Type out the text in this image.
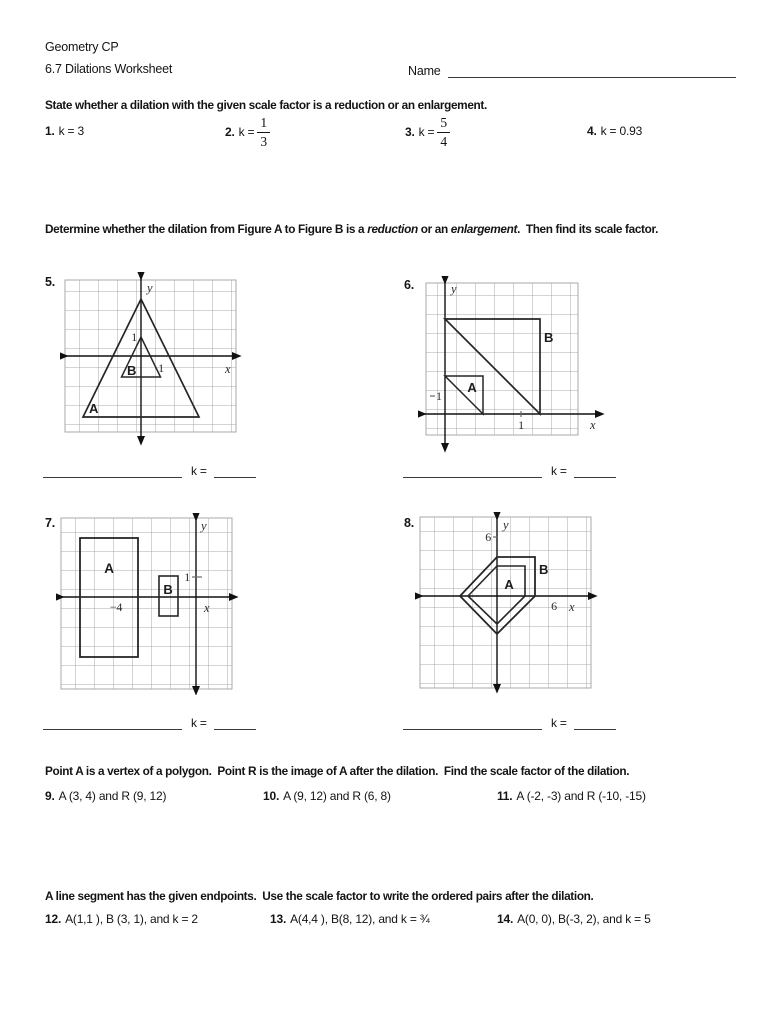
Geometry CP
6.7 Dilations Worksheet	Name
State whether a dilation with the given scale factor is a reduction or an enlargement.
1. k = 3	2. $k = \frac{1}{3}$	3. $k = \frac{5}{4}$	4. k = 0.93
Determine whether the dilation from Figure A to Figure B is a reduction or an enlargement.  Then find its scale factor.
5.	y
x
1
1
A
B
6.	y
x
1
1
A
B
k =	k =
7.	y
x
−4
1
A
B
8.	y
x
6
6
A
B
k =	k =
Point A is a vertex of a polygon.  Point R is the image of A after the dilation.  Find the scale factor of the dilation.
9. A (3, 4) and R (9, 12)	10. A (9, 12) and R (6, 8)	11. A (-2, -3) and R (-10, -15)
A line segment has the given endpoints.  Use the scale factor to write the ordered pairs after the dilation.
12. A(1,1 ), B (3, 1), and k = 2	13. A(4,4 ), B(8, 12), and k = ¾	14. A(0, 0), B(-3, 2), and k = 5
